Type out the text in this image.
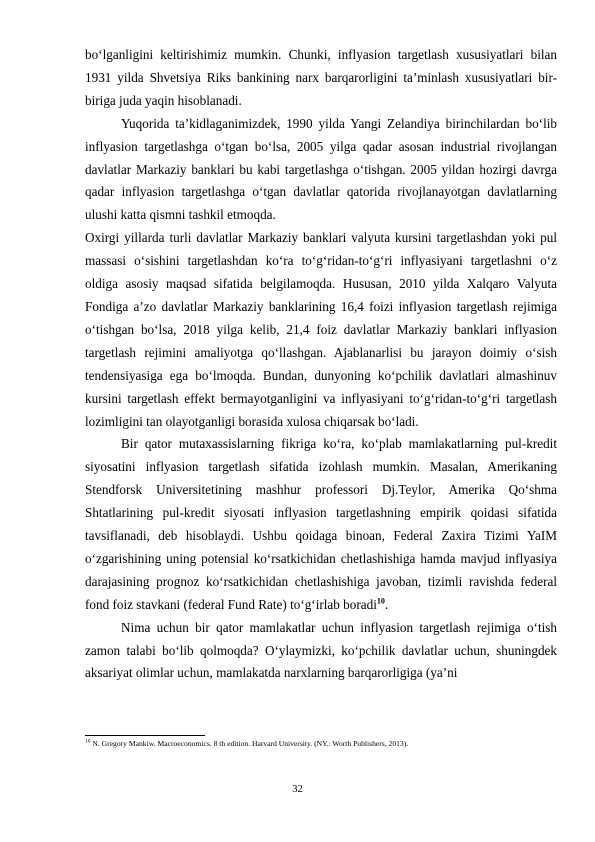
bo‘lganligini keltirishimiz mumkin. Chunki, inflyasion targetlash xususiyatlari bilan 1931 yilda Shvetsiya Riks bankining narx barqarorligini ta’minlash xususiyatlari bir-biriga juda yaqin hisoblanadi.

Yuqorida ta’kidlaganimizdek, 1990 yilda Yangi Zelandiya birinchilardan bo‘lib inflyasion targetlashga o‘tgan bo‘lsa, 2005 yilga qadar asosan industrial rivojlangan davlatlar Markaziy banklari bu kabi targetlashga o‘tishgan. 2005 yildan hozirgi davrga qadar inflyasion targetlashga o‘tgan davlatlar qatorida rivojlanayotgan davlatlarning ulushi katta qismni tashkil etmoqda.

Oxirgi yillarda turli davlatlar Markaziy banklari valyuta kursini targetlashdan yoki pul massasi o‘sishini targetlashdan ko‘ra to‘g‘ridan-to‘g‘ri inflyasiyani targetlashni o‘z oldiga asosiy maqsad sifatida belgilamoqda. Hususan, 2010 yilda Xalqaro Valyuta Fondiga a’zo davlatlar Markaziy banklarining 16,4 foizi inflyasion targetlash rejimiga o‘tishgan bo‘lsa, 2018 yilga kelib, 21,4 foiz davlatlar Markaziy banklari inflyasion targetlash rejimini amaliyotga qo‘llashgan. Ajablanarlisi bu jarayon doimiy o‘sish tendensiyasiga ega bo‘lmoqda. Bundan, dunyoning ko‘pchilik davlatlari almashinuv kursini targetlash effekt bermayotganligini va inflyasiyani to‘g‘ridan-to‘g‘ri targetlash lozimligini tan olayotganligi borasida xulosa chiqarsak bo‘ladi.

Bir qator mutaxassislarning fikriga ko‘ra, ko‘plab mamlakatlarning pul-kredit siyosatini inflyasion targetlash sifatida izohlash mumkin. Masalan, Amerikaning Stendforsk Universitetining mashhur professori Dj.Teylor, Amerika Qo‘shma Shtatlarining pul-kredit siyosati inflyasion targetlashning empirik qoidasi sifatida tavsiflanadi, deb hisoblaydi. Ushbu qoidaga binoan, Federal Zaxira Tizimi YaIM o‘zgarishining uning potensial ko‘rsatkichidan chetlashishiga hamda mavjud inflyasiya darajasining prognoz ko‘rsatkichidan chetlashishiga javoban, tizimli ravishda federal fond foiz stavkani (federal Fund Rate) to‘g‘irlab boradi$^{10}$.

Nima uchun bir qator mamlakatlar uchun inflyasion targetlash rejimiga o‘tish zamon talabi bo‘lib qolmoqda? O‘ylaymizki, ko‘pchilik davlatlar uchun, shuningdek aksariyat olimlar uchun, mamlakatda narxlarning barqarorligiga (ya’ni

$^{10}$ N. Gregory Mankiw. Macroeconomics. 8 th edition. Harvard University. (NY.: Worth Publishers, 2013).
32
